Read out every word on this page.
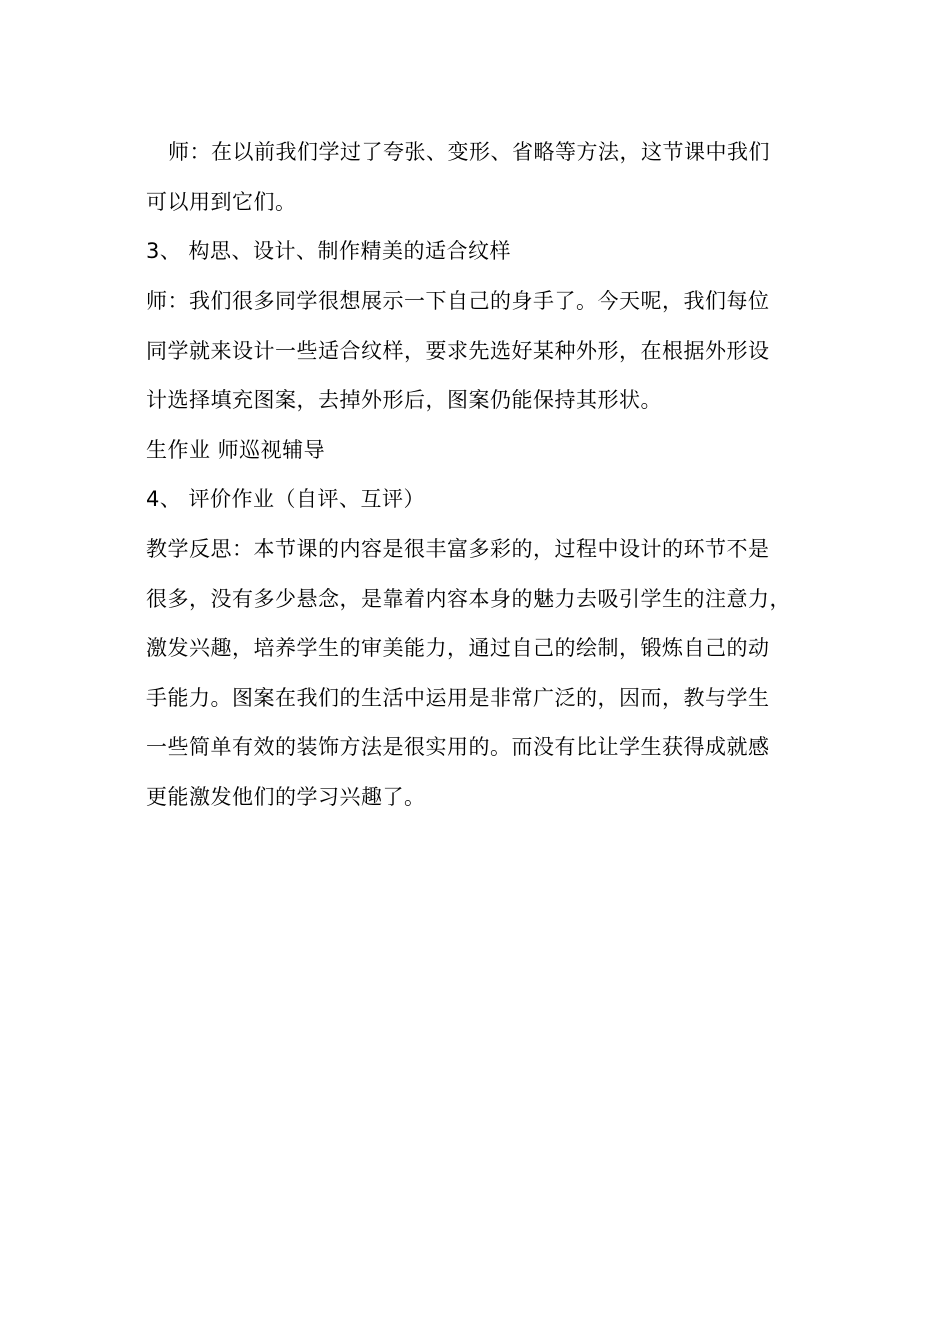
师：在以前我们学过了夸张、变形、省略等方法，这节课中我们
可以用到它们。
3、 构思、设计、制作精美的适合纹样
师：我们很多同学很想展示一下自己的身手了。今天呢，我们每位
同学就来设计一些适合纹样，要求先选好某种外形，在根据外形设
计选择填充图案，去掉外形后，图案仍能保持其形状。
生作业 师巡视辅导
4、 评价作业（自评、互评）
教学反思：本节课的内容是很丰富多彩的，过程中设计的环节不是
很多，没有多少悬念，是靠着内容本身的魅力去吸引学生的注意力，
激发兴趣，培养学生的审美能力，通过自己的绘制，锻炼自己的动
手能力。图案在我们的生活中运用是非常广泛的，因而，教与学生
一些简单有效的装饰方法是很实用的。而没有比让学生获得成就感
更能激发他们的学习兴趣了。
